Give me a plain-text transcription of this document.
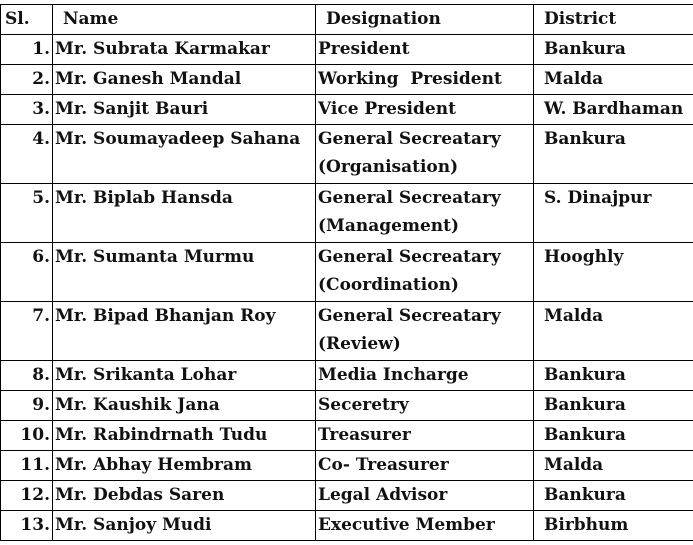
Sl.	Name	Designation	District
1.	Mr. Subrata Karmakar	President	Bankura
2.	Mr. Ganesh Mandal	Working  President	Malda
3.	Mr. Sanjit Bauri	Vice President	W. Bardhaman
4.	Mr. Soumayadeep Sahana	General Secreatary (Organisation)	Bankura
5.	Mr. Biplab Hansda	General Secreatary (Management)	S. Dinajpur
6.	Mr. Sumanta Murmu	General Secreatary (Coordination)	Hooghly
7.	Mr. Bipad Bhanjan Roy	General Secreatary (Review)	Malda
8.	Mr. Srikanta Lohar	Media Incharge	Bankura
9.	Mr. Kaushik Jana	Seceretry	Bankura
10.	Mr. Rabindrnath Tudu	Treasurer	Bankura
11.	Mr. Abhay Hembram	Co- Treasurer	Malda
12.	Mr. Debdas Saren	Legal Advisor	Bankura
13.	Mr. Sanjoy Mudi	Executive Member	Birbhum
